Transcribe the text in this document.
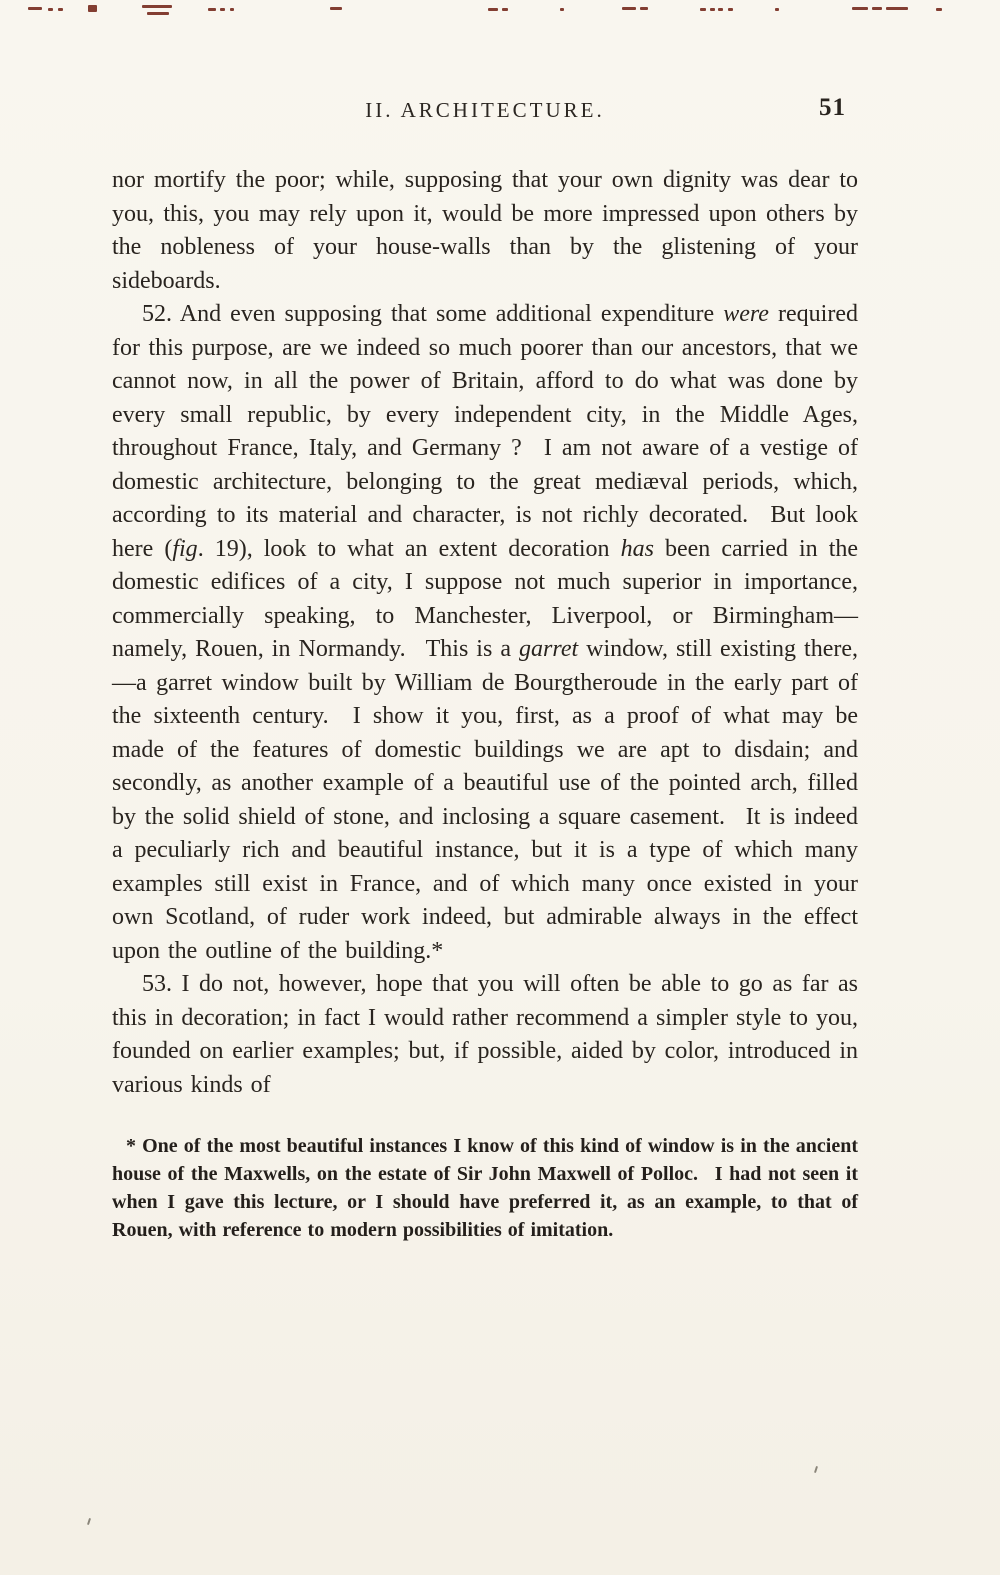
II. ARCHITECTURE.	51

nor mortify the poor; while, supposing that your own dignity was dear to you, this, you may rely upon it, would be more impressed upon others by the nobleness of your house-walls than by the glistening of your sideboards.

52. And even supposing that some additional expenditure were required for this purpose, are we indeed so much poorer than our ancestors, that we cannot now, in all the power of Britain, afford to do what was done by every small republic, by every independent city, in the Middle Ages, throughout France, Italy, and Germany ?  I am not aware of a vestige of domestic architecture, belonging to the great mediæval periods, which, according to its material and character, is not richly decorated.  But look here (fig. 19), look to what an extent decoration has been carried in the domestic edifices of a city, I suppose not much superior in importance, commercially speaking, to Manchester, Liverpool, or Birmingham—namely, Rouen, in Normandy.  This is a garret window, still existing there,—a garret window built by William de Bourgtheroude in the early part of the sixteenth century.  I show it you, first, as a proof of what may be made of the features of domestic buildings we are apt to disdain; and secondly, as another example of a beautiful use of the pointed arch, filled by the solid shield of stone, and inclosing a square casement.  It is indeed a peculiarly rich and beautiful instance, but it is a type of which many examples still exist in France, and of which many once existed in your own Scotland, of ruder work indeed, but admirable always in the effect upon the outline of the building.*

53. I do not, however, hope that you will often be able to go as far as this in decoration; in fact I would rather recommend a simpler style to you, founded on earlier examples; but, if possible, aided by color, introduced in various kinds of

* One of the most beautiful instances I know of this kind of window is in the ancient house of the Maxwells, on the estate of Sir John Maxwell of Polloc.  I had not seen it when I gave this lecture, or I should have preferred it, as an example, to that of Rouen, with reference to modern possibilities of imitation.
